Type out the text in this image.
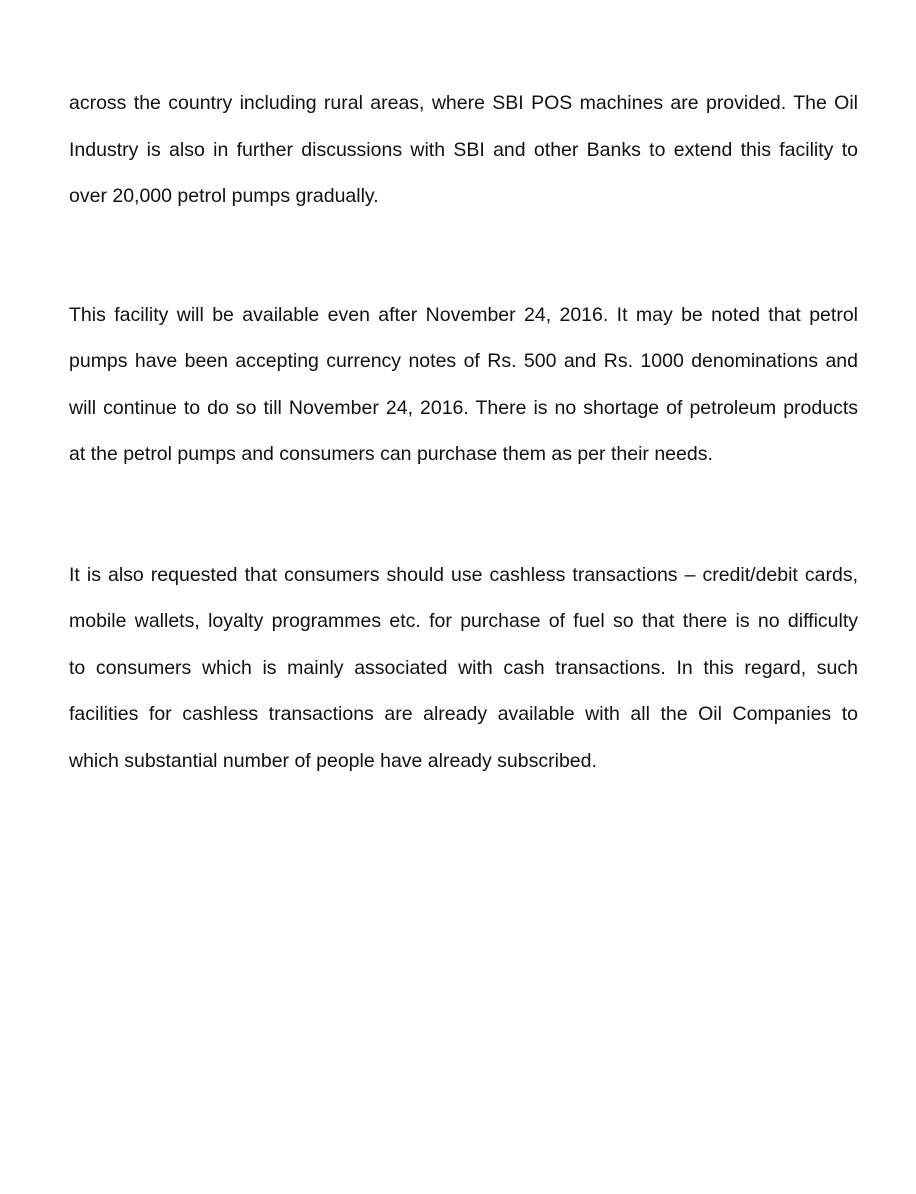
across the country including rural areas, where SBI POS machines are provided. The Oil
Industry is also in further discussions with SBI and other Banks to extend this facility to
over 20,000 petrol pumps gradually.

This facility will be available even after November 24, 2016. It may be noted that petrol
pumps have been accepting currency notes of Rs. 500 and Rs. 1000 denominations and
will continue to do so till November 24, 2016. There is no shortage of petroleum products
at the petrol pumps and consumers can purchase them as per their needs.

It is also requested that consumers should use cashless transactions – credit/debit cards,
mobile wallets, loyalty programmes etc. for purchase of fuel so that there is no difficulty
to consumers which is mainly associated with cash transactions. In this regard, such
facilities for cashless transactions are already available with all the Oil Companies to
which substantial number of people have already subscribed.
